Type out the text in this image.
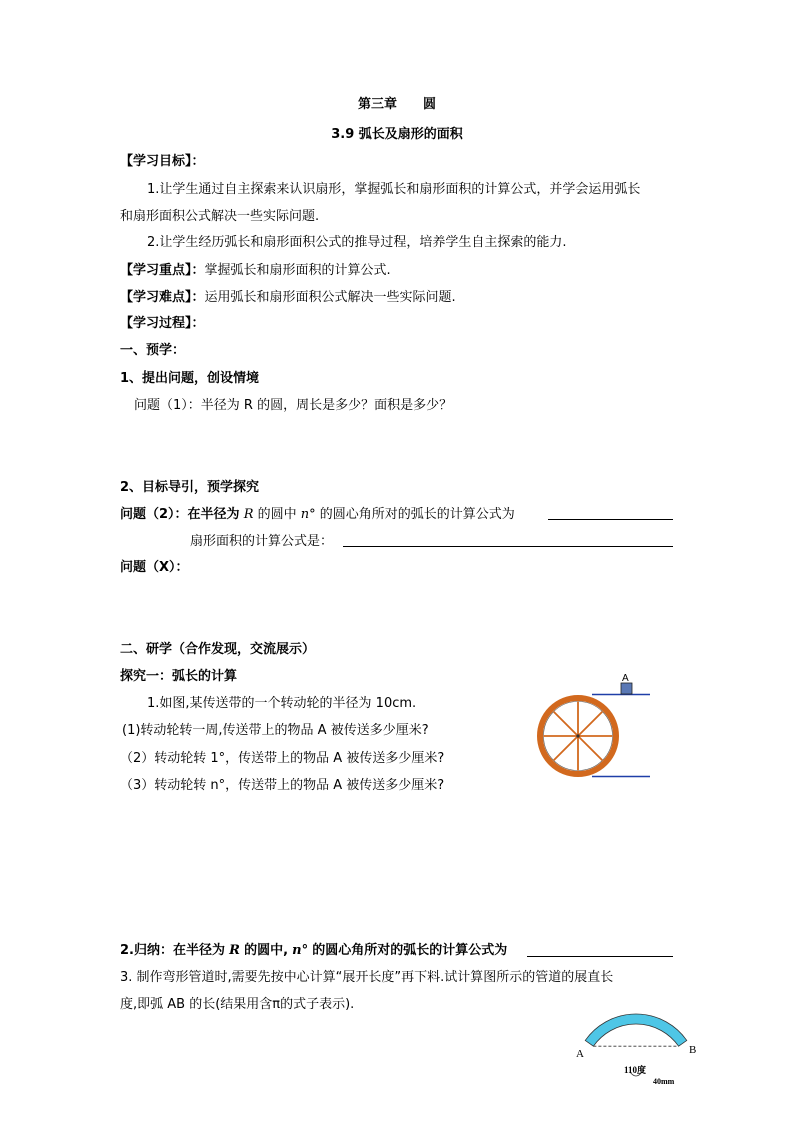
第三章　　圆
3.9 弧长及扇形的面积
【学习目标】：
1.让学生通过自主探索来认识扇形，掌握弧长和扇形面积的计算公式，并学会运用弧长
和扇形面积公式解决一些实际问题.
2.让学生经历弧长和扇形面积公式的推导过程，培养学生自主探索的能力.
【学习重点】：掌握弧长和扇形面积的计算公式.
【学习难点】：运用弧长和扇形面积公式解决一些实际问题.
【学习过程】：
一、预学：
1、提出问题，创设情境
问题（1）：半径为 R 的圆，周长是多少？面积是多少？
2、目标导引，预学探究
问题（2）：在半径为 R 的圆中 n° 的圆心角所对的弧长的计算公式为
扇形面积的计算公式是：
问题（X）：
二、研学（合作发现，交流展示）
探究一：弧长的计算
1.如图,某传送带的一个转动轮的半径为 10cm.
(1)转动轮转一周,传送带上的物品 A 被传送多少厘米?
（2）转动轮转 1°，传送带上的物品 A 被传送多少厘米?
（3）转动轮转 n°，传送带上的物品 A 被传送多少厘米?
A
2.归纳：在半径为 R 的圆中, n° 的圆心角所对的弧长的计算公式为
3. 制作弯形管道时,需要先按中心计算“展开长度”再下料.试计算图所示的管道的展直长
度,即弧 AB 的长(结果用含π的式子表示).
A	B
110度
40mm
